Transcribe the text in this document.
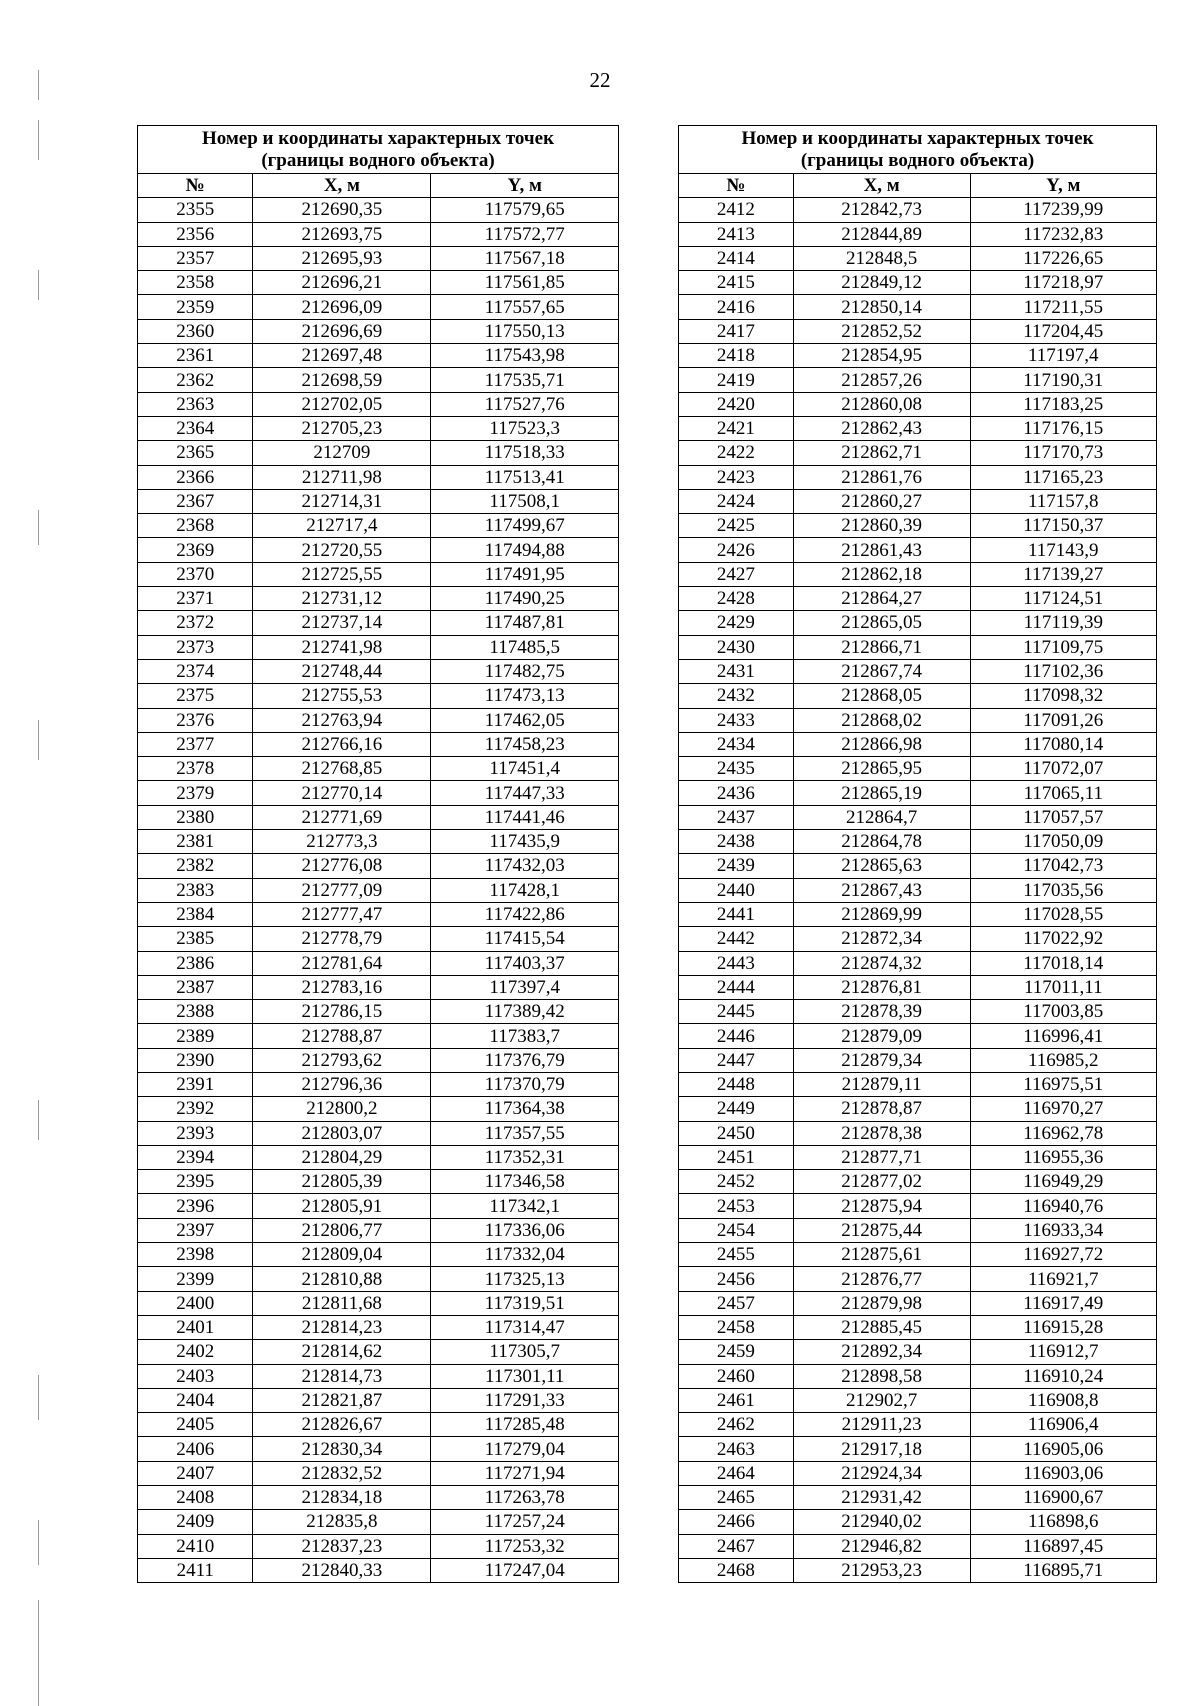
22
Номер и координаты характерных точек
(границы водного объекта)		

№	X, м	Y, м
2355	212690,35	117579,65
2356	212693,75	117572,77
2357	212695,93	117567,18
2358	212696,21	117561,85
2359	212696,09	117557,65
2360	212696,69	117550,13
2361	212697,48	117543,98
2362	212698,59	117535,71
2363	212702,05	117527,76
2364	212705,23	117523,3
2365	212709	117518,33
2366	212711,98	117513,41
2367	212714,31	117508,1
2368	212717,4	117499,67
2369	212720,55	117494,88
2370	212725,55	117491,95
2371	212731,12	117490,25
2372	212737,14	117487,81
2373	212741,98	117485,5
2374	212748,44	117482,75
2375	212755,53	117473,13
2376	212763,94	117462,05
2377	212766,16	117458,23
2378	212768,85	117451,4
2379	212770,14	117447,33
2380	212771,69	117441,46
2381	212773,3	117435,9
2382	212776,08	117432,03
2383	212777,09	117428,1
2384	212777,47	117422,86
2385	212778,79	117415,54
2386	212781,64	117403,37
2387	212783,16	117397,4
2388	212786,15	117389,42
2389	212788,87	117383,7
2390	212793,62	117376,79
2391	212796,36	117370,79
2392	212800,2	117364,38
2393	212803,07	117357,55
2394	212804,29	117352,31
2395	212805,39	117346,58
2396	212805,91	117342,1
2397	212806,77	117336,06
2398	212809,04	117332,04
2399	212810,88	117325,13
2400	212811,68	117319,51
2401	212814,23	117314,47
2402	212814,62	117305,7
2403	212814,73	117301,11
2404	212821,87	117291,33
2405	212826,67	117285,48
2406	212830,34	117279,04
2407	212832,52	117271,94
2408	212834,18	117263,78
2409	212835,8	117257,24
2410	212837,23	117253,32
2411	212840,33	117247,04
Номер и координаты характерных точек
(границы водного объекта)		

№	X, м	Y, м
2412	212842,73	117239,99
2413	212844,89	117232,83
2414	212848,5	117226,65
2415	212849,12	117218,97
2416	212850,14	117211,55
2417	212852,52	117204,45
2418	212854,95	117197,4
2419	212857,26	117190,31
2420	212860,08	117183,25
2421	212862,43	117176,15
2422	212862,71	117170,73
2423	212861,76	117165,23
2424	212860,27	117157,8
2425	212860,39	117150,37
2426	212861,43	117143,9
2427	212862,18	117139,27
2428	212864,27	117124,51
2429	212865,05	117119,39
2430	212866,71	117109,75
2431	212867,74	117102,36
2432	212868,05	117098,32
2433	212868,02	117091,26
2434	212866,98	117080,14
2435	212865,95	117072,07
2436	212865,19	117065,11
2437	212864,7	117057,57
2438	212864,78	117050,09
2439	212865,63	117042,73
2440	212867,43	117035,56
2441	212869,99	117028,55
2442	212872,34	117022,92
2443	212874,32	117018,14
2444	212876,81	117011,11
2445	212878,39	117003,85
2446	212879,09	116996,41
2447	212879,34	116985,2
2448	212879,11	116975,51
2449	212878,87	116970,27
2450	212878,38	116962,78
2451	212877,71	116955,36
2452	212877,02	116949,29
2453	212875,94	116940,76
2454	212875,44	116933,34
2455	212875,61	116927,72
2456	212876,77	116921,7
2457	212879,98	116917,49
2458	212885,45	116915,28
2459	212892,34	116912,7
2460	212898,58	116910,24
2461	212902,7	116908,8
2462	212911,23	116906,4
2463	212917,18	116905,06
2464	212924,34	116903,06
2465	212931,42	116900,67
2466	212940,02	116898,6
2467	212946,82	116897,45
2468	212953,23	116895,71
